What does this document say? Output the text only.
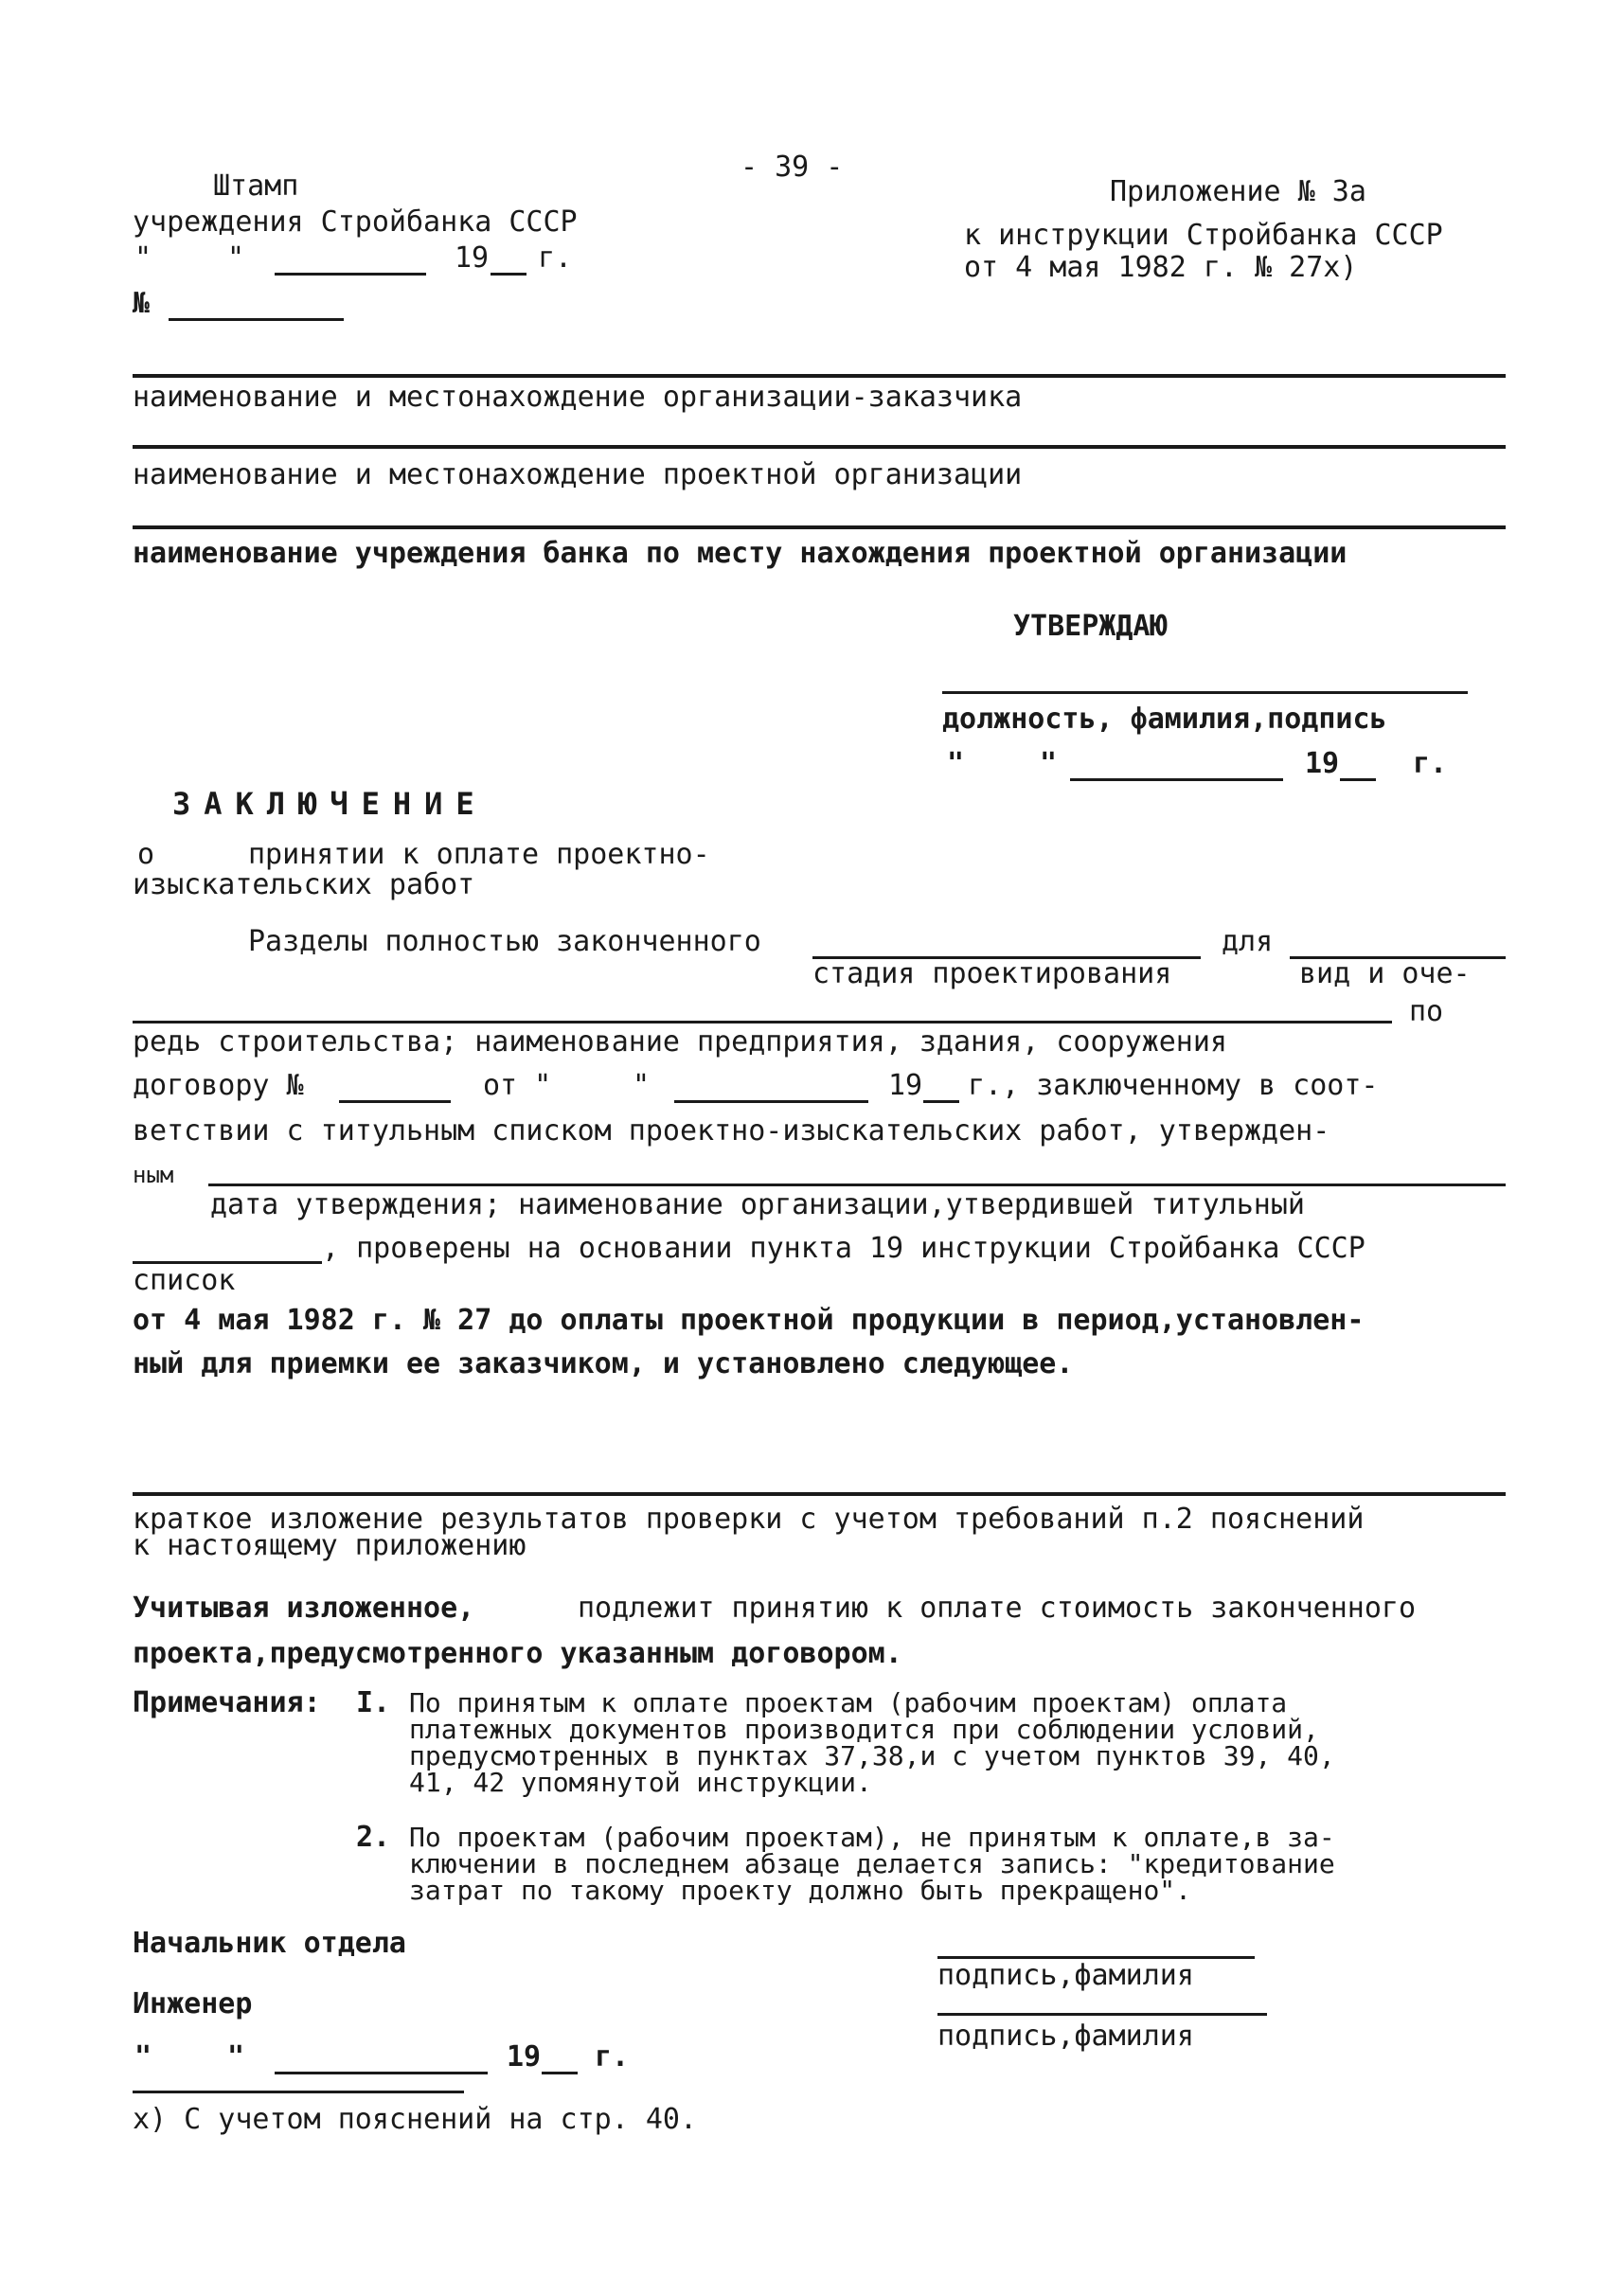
- 39 -
Штамп
учреждения Стройбанка СССР
"	"	19 г.
№
Приложение № 3а
к инструкции Стройбанка СССР
от 4 мая 1982 г. № 27х)
наименование и местонахождение организации-заказчика
наименование и местонахождение проектной организации
наименование учреждения банка по месту нахождения проектной организации
УТВЕРЖДАЮ
должность, фамилия,подпись
"	"	19	г.
ЗАКЛЮЧЕНИЕ
о	принятии к оплате проектно-
изыскательских работ
Разделы полностью законченного	для
стадия проектирования	вид и оче-
по
редь строительства; наименование предприятия, здания, сооружения
договору №	от "	"	19 г., заключенному в соот-
ветствии с титульным списком проектно-изыскательских работ, утвержден-
ным
дата утверждения; наименование организации,утвердившей титульный
, проверены на основании пункта 19 инструкции Стройбанка СССР
список
от 4 мая 1982 г. № 27 до оплаты проектной продукции в период,установлен-
ный для приемки ее заказчиком, и установлено следующее.
краткое изложение результатов проверки с учетом требований п.2 пояснений
к настоящему приложению
Учитывая изложенное,	подлежит принятию к оплате стоимость законченного
проекта,предусмотренного указанным договором.
Примечания: I. По принятым к оплате проектам (рабочим проектам) оплата
платежных документов производится при соблюдении условий,
предусмотренных в пунктах 37,38,и с учетом пунктов 39, 40,
41, 42 упомянутой инструкции.
2. По проектам (рабочим проектам), не принятым к оплате,в за-
ключении в последнем абзаце делается запись: "кредитование
затрат по такому проекту должно быть прекращено".
Начальник отдела
подпись,фамилия
Инженер
подпись,фамилия
"	"	19 г.
х) С учетом пояснений на стр. 40.
